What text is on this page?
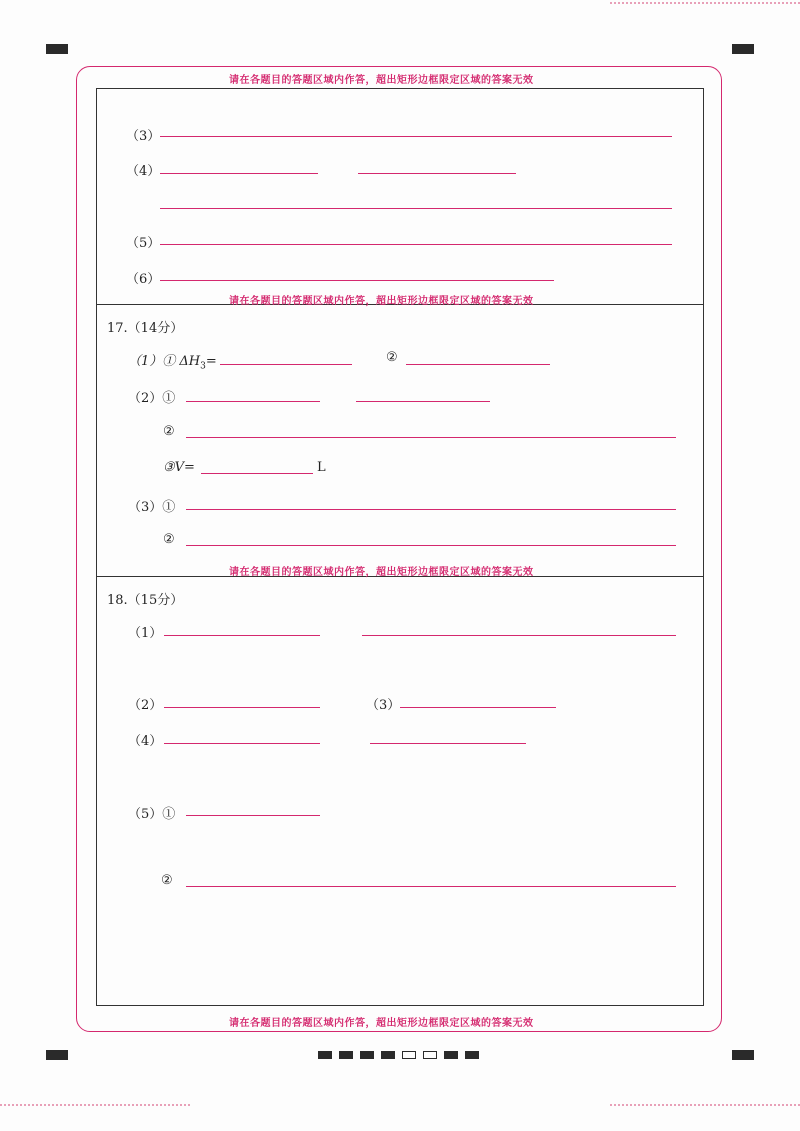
请在各题目的答题区域内作答，超出矩形边框限定区域的答案无效
请在各题目的答题区域内作答，超出矩形边框限定区域的答案无效
请在各题目的答题区域内作答，超出矩形边框限定区域的答案无效
请在各题目的答题区域内作答，超出矩形边框限定区域的答案无效
（3）
（4）
（5）
（6）
17.（14分）
（1）① $\Delta H_3=$	②
（2）①
②
③V=	L
（3）①
②
18.（15分）
（1）
（2）	（3）
（4）
（5）①
②
